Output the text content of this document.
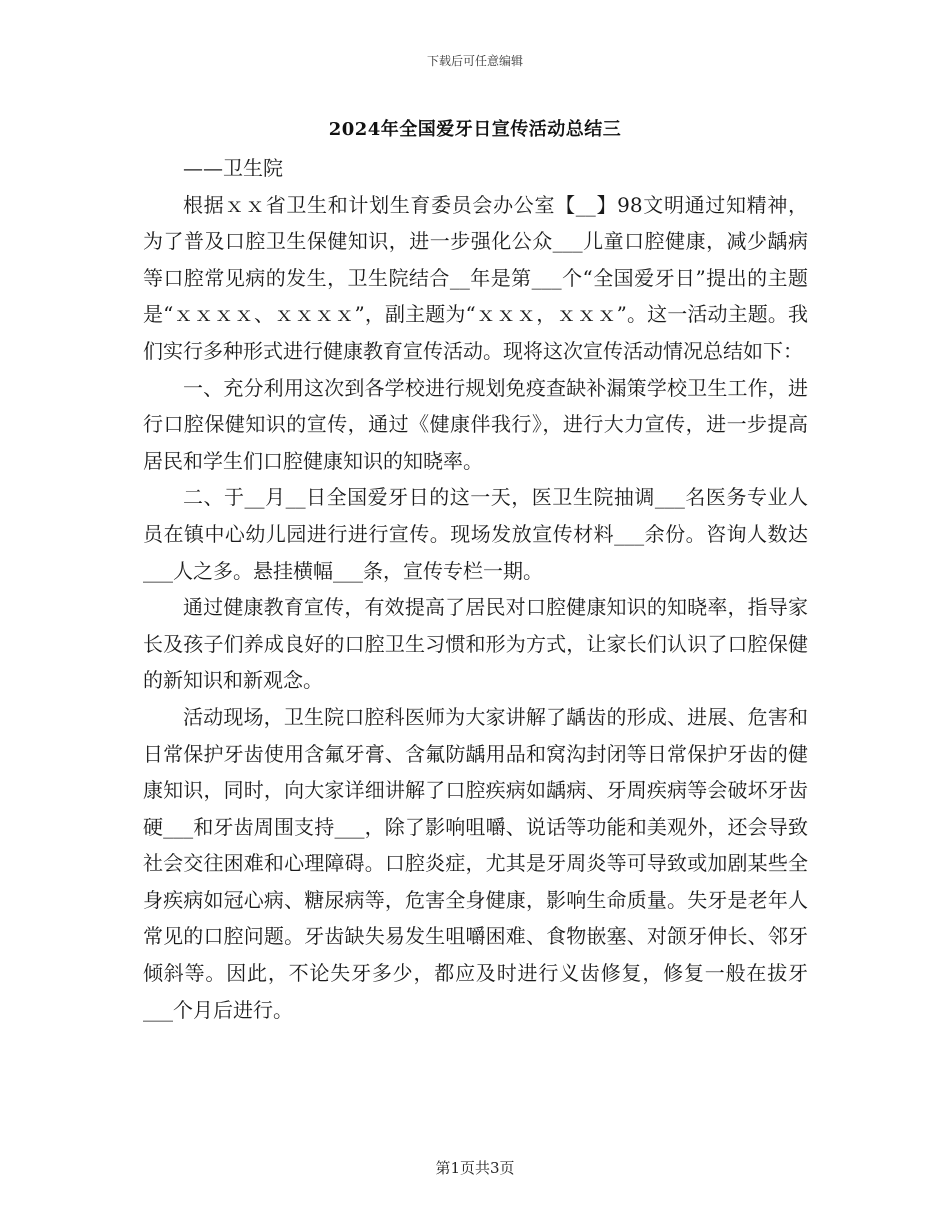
下载后可任意编辑
2024年全国爱牙日宣传活动总结三

——卫生院

根据ｘｘ省卫生和计划生育委员会办公室【__】98文明通过知精神，为了普及口腔卫生保健知识，进一步强化公众___儿童口腔健康，减少龋病等口腔常见病的发生，卫生院结合__年是第___个“全国爱牙日”提出的主题是“ｘｘｘｘ、ｘｘｘｘ”，副主题为“ｘｘｘ，ｘｘｘ”。这一活动主题。我们实行多种形式进行健康教育宣传活动。现将这次宣传活动情况总结如下：

一、充分利用这次到各学校进行规划免疫查缺补漏策学校卫生工作，进行口腔保健知识的宣传，通过《健康伴我行》，进行大力宣传，进一步提高居民和学生们口腔健康知识的知晓率。

二、于__月__日全国爱牙日的这一天，医卫生院抽调___名医务专业人员在镇中心幼儿园进行进行宣传。现场发放宣传材料___余份。咨询人数达___人之多。悬挂横幅___条，宣传专栏一期。

通过健康教育宣传，有效提高了居民对口腔健康知识的知晓率，指导家长及孩子们养成良好的口腔卫生习惯和形为方式，让家长们认识了口腔保健的新知识和新观念。

活动现场，卫生院口腔科医师为大家讲解了龋齿的形成、进展、危害和日常保护牙齿使用含氟牙膏、含氟防龋用品和窝沟封闭等日常保护牙齿的健康知识，同时，向大家详细讲解了口腔疾病如龋病、牙周疾病等会破坏牙齿硬___和牙齿周围支持___，除了影响咀嚼、说话等功能和美观外，还会导致社会交往困难和心理障碍。口腔炎症，尤其是牙周炎等可导致或加剧某些全身疾病如冠心病、糖尿病等，危害全身健康，影响生命质量。失牙是老年人常见的口腔问题。牙齿缺失易发生咀嚼困难、食物嵌塞、对颌牙伸长、邻牙倾斜等。因此，不论失牙多少，都应及时进行义齿修复，修复一般在拔牙___个月后进行。

第1页共3页
